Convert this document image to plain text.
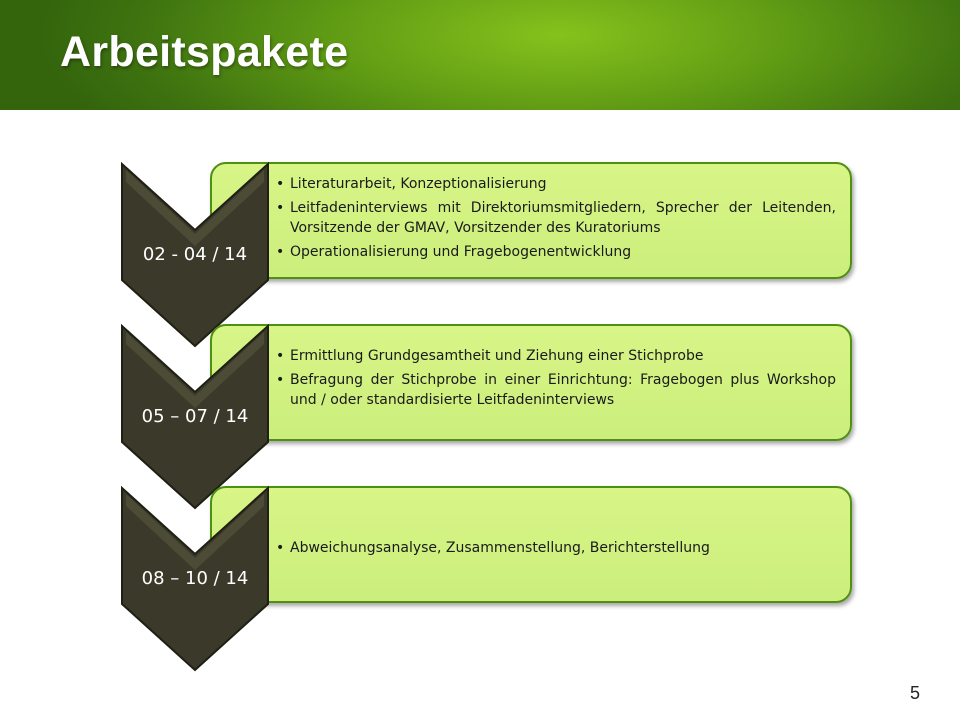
Arbeitspakete
• Literaturarbeit, Konzeptionalisierung
• Leitfadeninterviews mit Direktoriumsmitgliedern, Sprecher der Leitenden, Vorsitzende der GMAV, Vorsitzender des Kuratoriums
• Operationalisierung und Fragebogenentwicklung
02 - 04 / 14
• Ermittlung Grundgesamtheit und Ziehung einer Stichprobe
• Befragung der Stichprobe in einer Einrichtung: Fragebogen plus Workshop und / oder standardisierte Leitfadeninterviews
05 – 07 / 14
• Abweichungsanalyse, Zusammenstellung, Berichterstellung
08 – 10 / 14
5
